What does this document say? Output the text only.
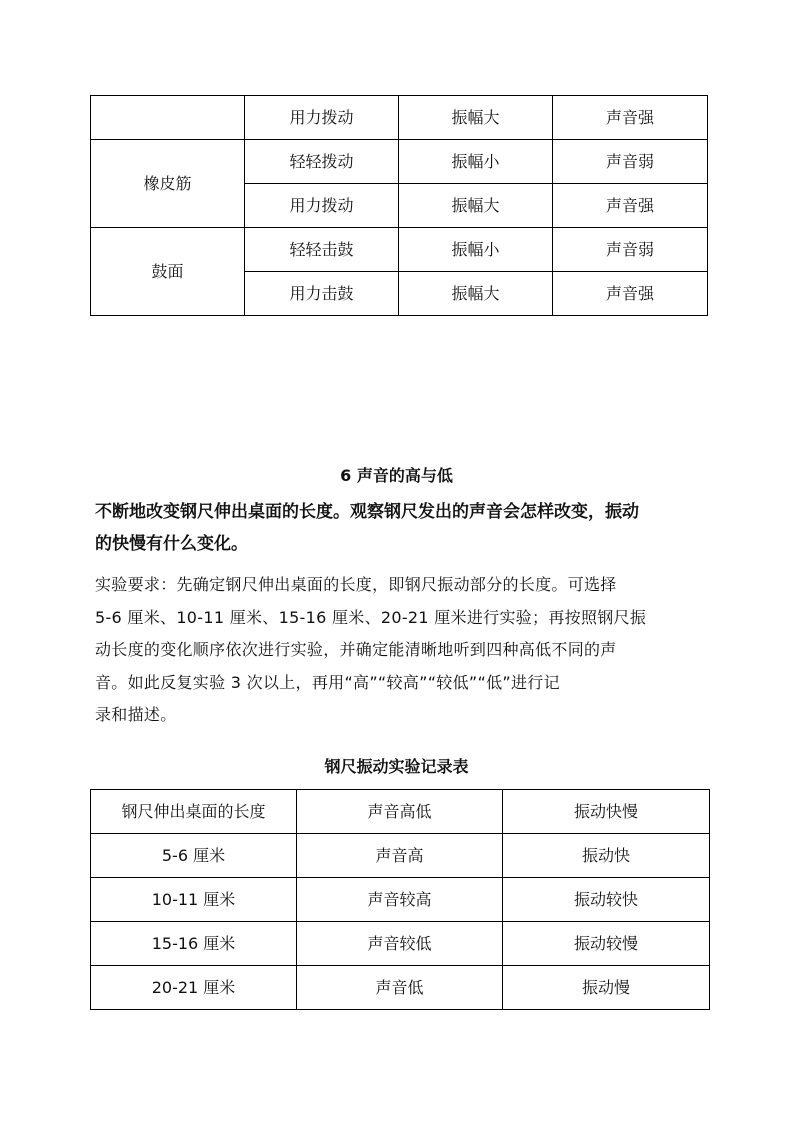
	用力拨动	振幅大	声音强
橡皮筋	轻轻拨动	振幅小	声音弱
	用力拨动	振幅大	声音强
鼓面	轻轻击鼓	振幅小	声音弱
	用力击鼓	振幅大	声音强
6 声音的高与低
不断地改变钢尺伸出桌面的长度。观察钢尺发出的声音会怎样改变，振动
的快慢有什么变化。
实验要求：先确定钢尺伸出桌面的长度，即钢尺振动部分的长度。可选择
5-6 厘米、10-11 厘米、15-16 厘米、20-21 厘米进行实验；再按照钢尺振
动长度的变化顺序依次进行实验，并确定能清晰地听到四种高低不同的声
音。如此反复实验 3 次以上，再用“高”“较高”“较低”“低”进行记
录和描述。
钢尺振动实验记录表
钢尺伸出桌面的长度	声音高低	振动快慢
5-6 厘米	声音高	振动快
10-11 厘米	声音较高	振动较快
15-16 厘米	声音较低	振动较慢
20-21 厘米	声音低	振动慢
